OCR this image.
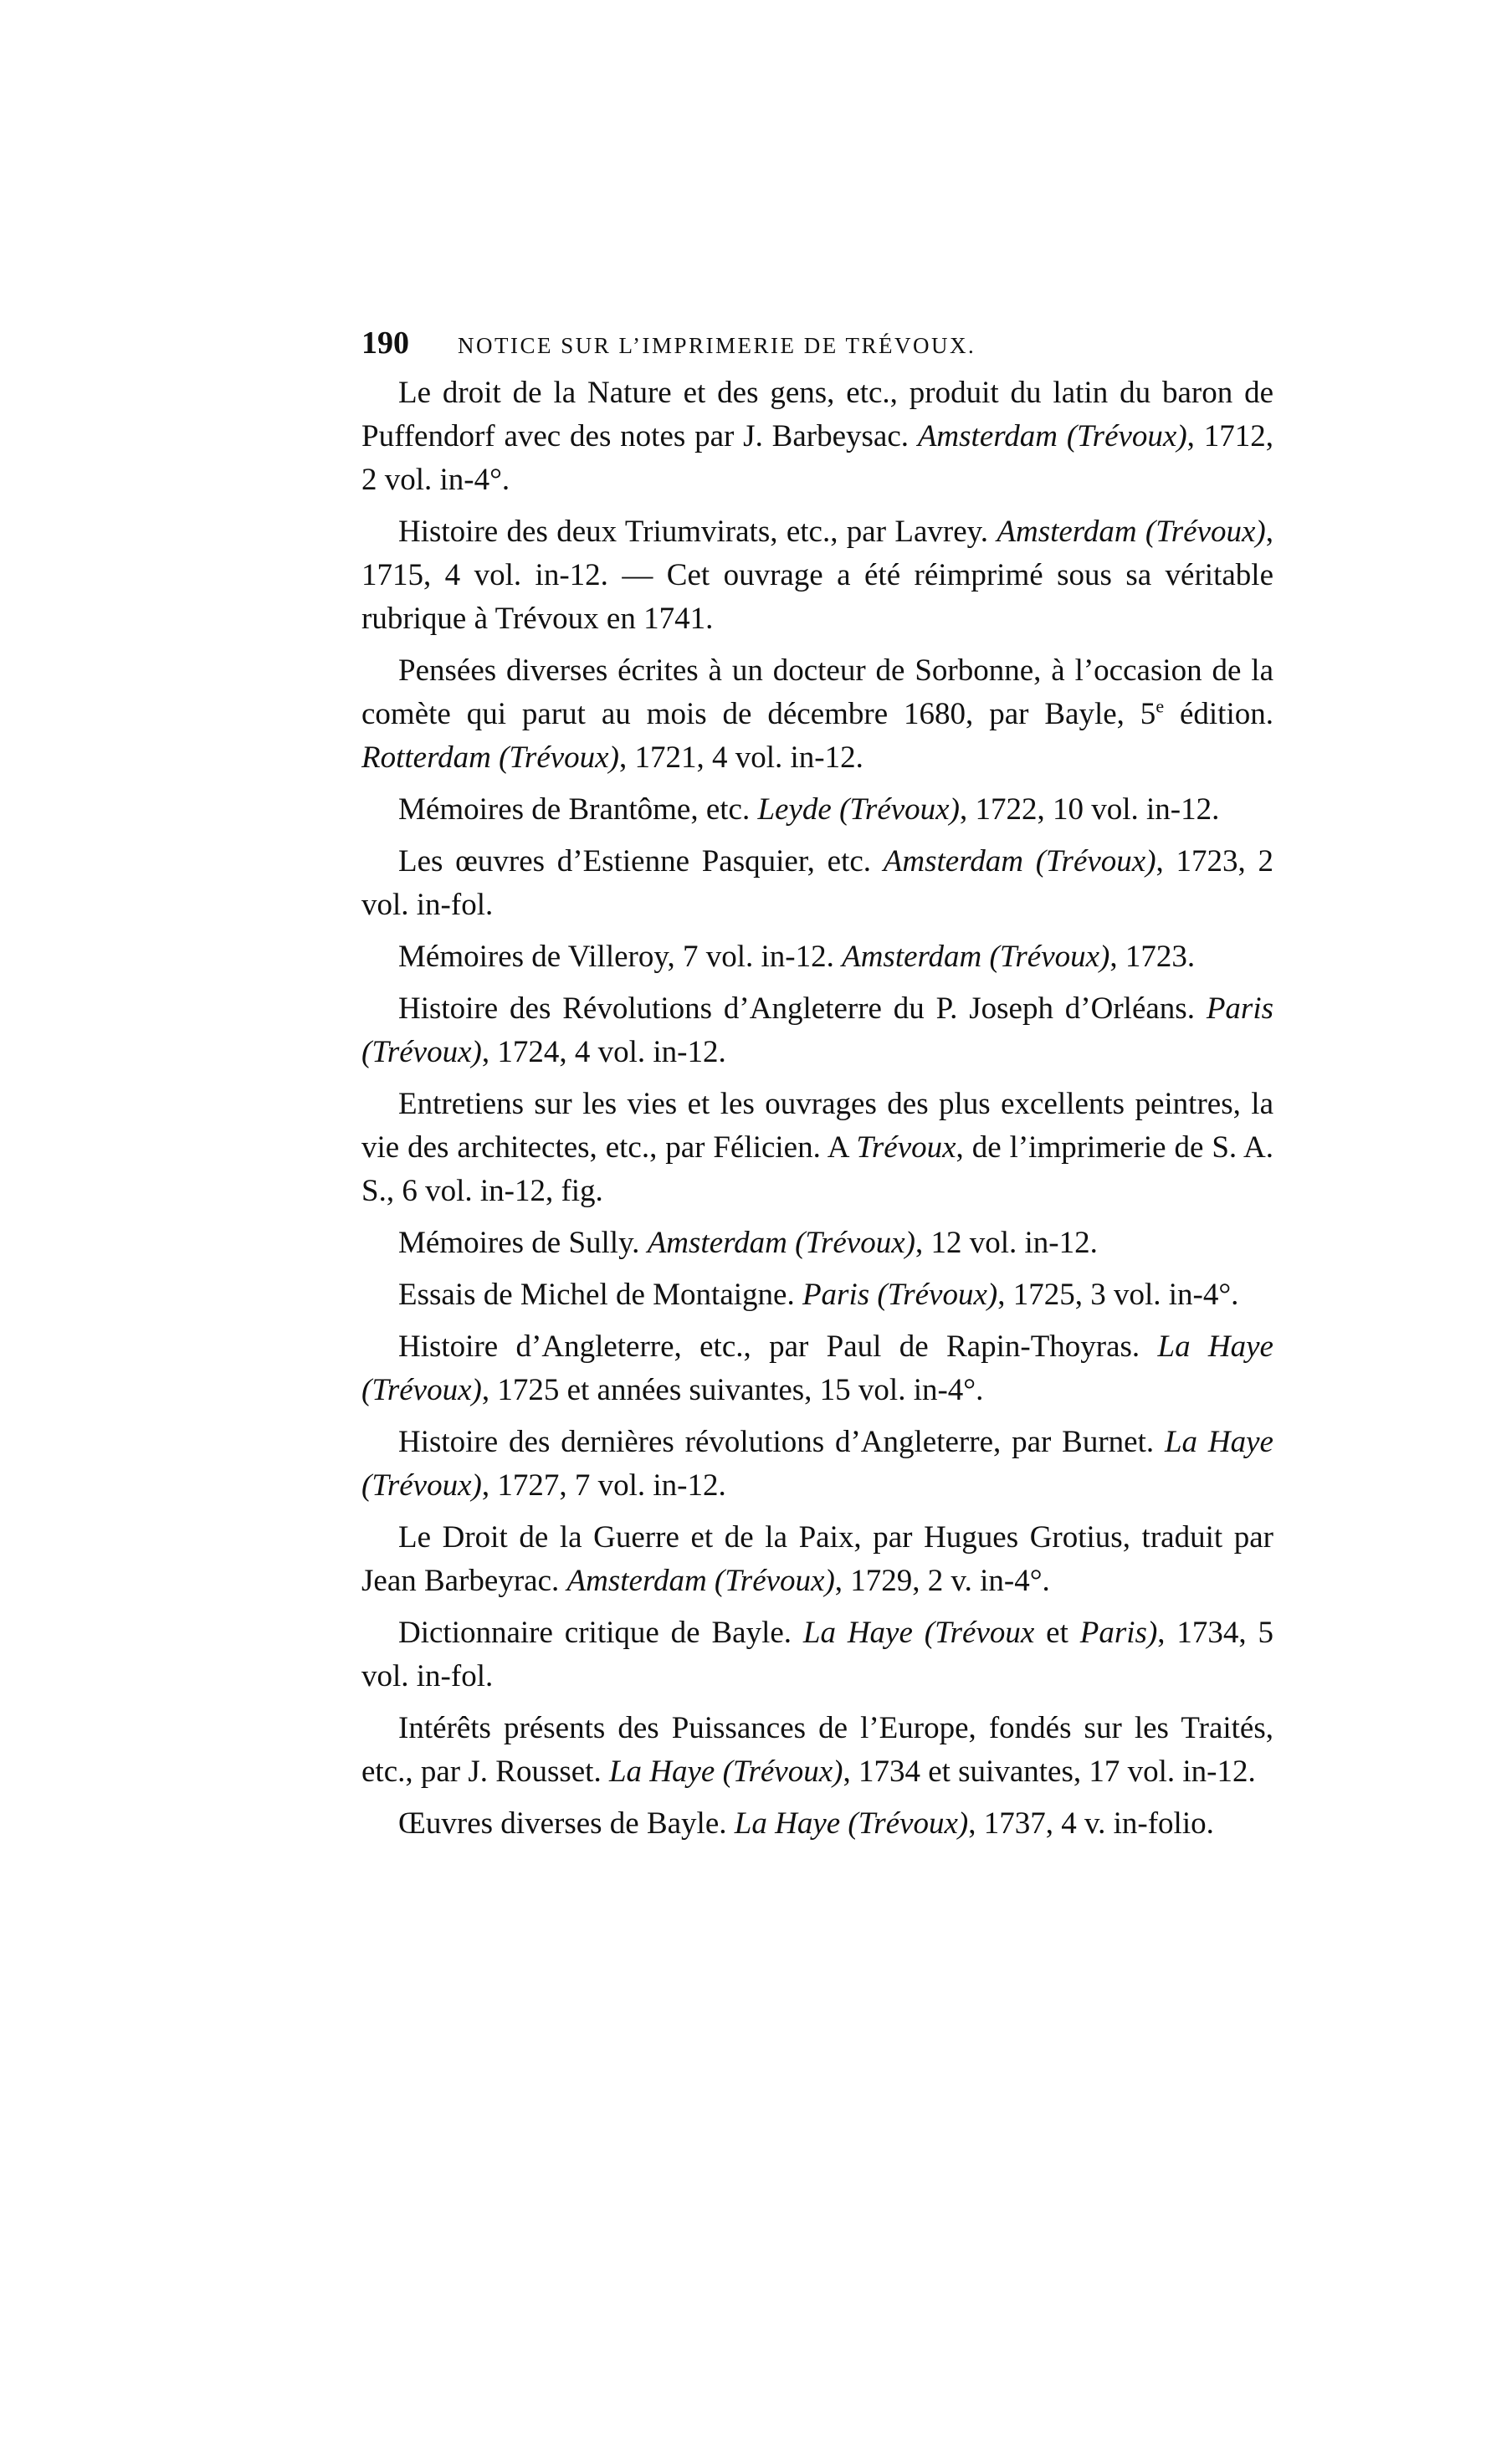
190	NOTICE SUR L’IMPRIMERIE DE TRÉVOUX.

Le droit de la Nature et des gens, etc., produit du latin du baron de Puffendorf avec des notes par J. Barbeysac. Amsterdam (Trévoux), 1712, 2 vol. in-4°.

Histoire des deux Triumvirats, etc., par Lavrey. Amsterdam (Trévoux), 1715, 4 vol. in-12. — Cet ouvrage a été réimprimé sous sa véritable rubrique à Trévoux en 1741.

Pensées diverses écrites à un docteur de Sorbonne, à l’occasion de la comète qui parut au mois de décembre 1680, par Bayle, 5e édition. Rotterdam (Trévoux), 1721, 4 vol. in-12.

Mémoires de Brantôme, etc. Leyde (Trévoux), 1722, 10 vol. in-12.

Les œuvres d’Estienne Pasquier, etc. Amsterdam (Trévoux), 1723, 2 vol. in-fol.

Mémoires de Villeroy, 7 vol. in-12. Amsterdam (Trévoux), 1723.

Histoire des Révolutions d’Angleterre du P. Joseph d’Orléans. Paris (Trévoux), 1724, 4 vol. in-12.

Entretiens sur les vies et les ouvrages des plus excellents peintres, la vie des architectes, etc., par Félicien. A Trévoux, de l’imprimerie de S. A. S., 6 vol. in-12, fig.

Mémoires de Sully. Amsterdam (Trévoux), 12 vol. in-12.

Essais de Michel de Montaigne. Paris (Trévoux), 1725, 3 vol. in-4°.

Histoire d’Angleterre, etc., par Paul de Rapin-Thoyras. La Haye (Trévoux), 1725 et années suivantes, 15 vol. in-4°.

Histoire des dernières révolutions d’Angleterre, par Burnet. La Haye (Trévoux), 1727, 7 vol. in-12.

Le Droit de la Guerre et de la Paix, par Hugues Grotius, traduit par Jean Barbeyrac. Amsterdam (Trévoux), 1729, 2 v. in-4°.

Dictionnaire critique de Bayle. La Haye (Trévoux et Paris), 1734, 5 vol. in-fol.

Intérêts présents des Puissances de l’Europe, fondés sur les Traités, etc., par J. Rousset. La Haye (Trévoux), 1734 et suivantes, 17 vol. in-12.

Œuvres diverses de Bayle. La Haye (Trévoux), 1737, 4 v. in-folio.
